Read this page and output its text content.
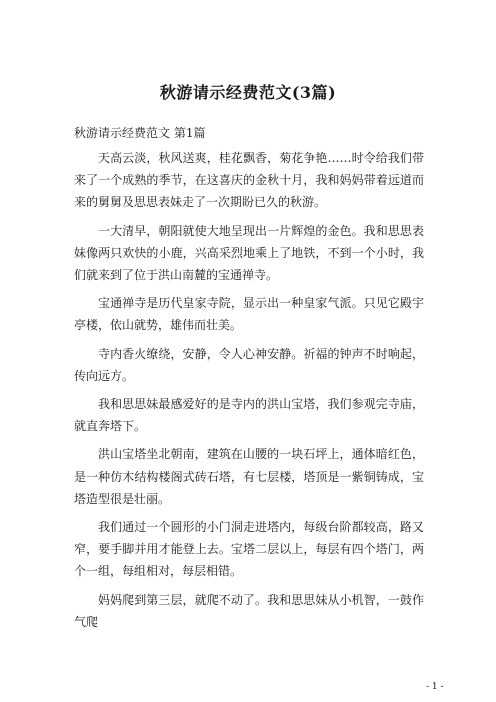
秋游请示经费范文(3篇)
秋游请示经费范文 第1篇

天高云淡，秋风送爽，桂花飘香，菊花争艳……时令给我们带来了一个成熟的季节，在这喜庆的金秋十月，我和妈妈带着远道而来的舅舅及思思表妹走了一次期盼已久的秋游。

一大清早，朝阳就使大地呈现出一片辉煌的金色。我和思思表妹像两只欢快的小鹿，兴高采烈地乘上了地铁，不到一个小时，我们就来到了位于洪山南麓的宝通禅寺。

宝通禅寺是历代皇家寺院，显示出一种皇家气派。只见它殿宇亭楼，依山就势，雄伟而壮美。

寺内香火缭绕，安静，令人心神安静。祈福的钟声不时响起，传向远方。

我和思思妹最感爱好的是寺内的洪山宝塔，我们参观完寺庙，就直奔塔下。

洪山宝塔坐北朝南，建筑在山腰的一块石坪上，通体暗红色，是一种仿木结构楼阁式砖石塔，有七层楼，塔顶是一紫铜铸成，宝塔造型很是壮丽。

我们通过一个圆形的小门洞走进塔内，每级台阶都较高，路又窄，要手脚并用才能登上去。宝塔二层以上，每层有四个塔门，两个一组，每组相对，每层相错。

妈妈爬到第三层，就爬不动了。我和思思妹从小机智，一鼓作气爬

- 1 -
